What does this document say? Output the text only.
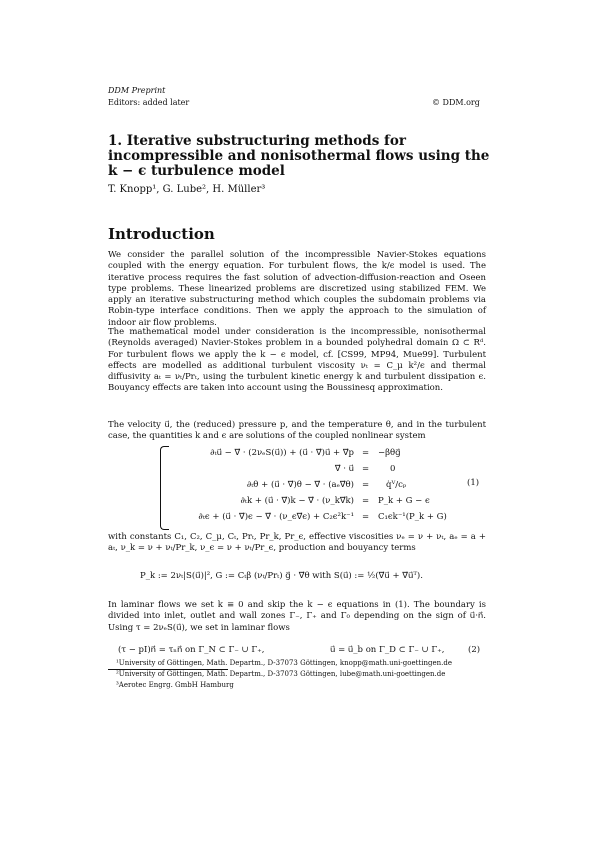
DDM Preprint
Editors: added later	© DDM.org
1. Iterative substructuring methods for incompressible and nonisothermal flows using the k − ϵ turbulence model
T. Knopp¹, G. Lube², H. Müller³
Introduction
We consider the parallel solution of the incompressible Navier-Stokes equations coupled with the energy equation. For turbulent flows, the k/ϵ model is used. The iterative process requires the fast solution of advection-diffusion-reaction and Oseen type problems. These linearized problems are discretized using stabilized FEM. We apply an iterative substructuring method which couples the subdomain problems via Robin-type interface conditions. Then we apply the approach to the simulation of indoor air flow problems.
The mathematical model under consideration is the incompressible, nonisothermal (Reynolds averaged) Navier-Stokes problem in a bounded polyhedral domain Ω ⊂ Rᵈ. For turbulent flows we apply the k − ϵ model, cf. [CS99, MP94, Mue99]. Turbulent effects are modelled as additional turbulent viscosity νₜ = C_μ k²/ϵ and thermal diffusivity aₜ = νₜ/Prₜ, using the turbulent kinetic energy k and turbulent dissipation ϵ. Bouyancy effects are taken into account using the Boussinesq approximation.
The velocity u⃗, the (reduced) pressure p, and the temperature θ, and in the turbulent case, the quantities k and ϵ are solutions of the coupled nonlinear system
∂ₜu⃗ − ∇⃗ · (2νₑS(u⃗)) + (u⃗ · ∇⃗)u⃗ + ∇⃗p = −βθg⃗
∇⃗ · u⃗ = 0
∂ₜθ + (u⃗ · ∇⃗)θ − ∇⃗ · (aₑ∇⃗θ) = q̇ⱽ/cₚ
∂ₜk + (u⃗ · ∇⃗)k − ∇⃗ · (ν_k∇⃗k) = P_k + G − ϵ
∂ₜϵ + (u⃗ · ∇⃗)ϵ − ∇⃗ · (ν_ϵ∇⃗ϵ) + C₂ϵ²k⁻¹ = C₁ϵk⁻¹(P_k + G)
(1)
with constants C₁, C₂, C_μ, Cₜ, Prₜ, Pr_k, Pr_ϵ, effective viscosities νₑ = ν + νₜ, aₑ = a + aₜ, ν_k = ν + νₜ/Pr_k, ν_ϵ = ν + νₜ/Pr_ϵ, production and bouyancy terms
P_k := 2νₜ|S(u⃗)|², G := Cₜβ (νₜ/Prₜ) g⃗ · ∇⃗θ with S(u⃗) := ½(∇⃗u⃗ + ∇⃗u⃗ᵀ).
In laminar flows we set k ≡ 0 and skip the k − ϵ equations in (1). The boundary is divided into inlet, outlet and wall zones Γ₋, Γ₊ and Γ₀ depending on the sign of u⃗·n⃗. Using τ = 2νₑS(u⃗), we set in laminar flows
(τ − pI)n⃗ = τₙn⃗ on Γ_N ⊂ Γ₋ ∪ Γ₊,	u⃗ = u⃗_b on Γ_D ⊂ Γ₋ ∪ Γ₊,	(2)
¹University of Göttingen, Math. Departm., D-37073 Göttingen, knopp@math.uni-goettingen.de
²University of Göttingen, Math. Departm., D-37073 Göttingen, lube@math.uni-goettingen.de
³Aerotec Engrg. GmbH Hamburg
